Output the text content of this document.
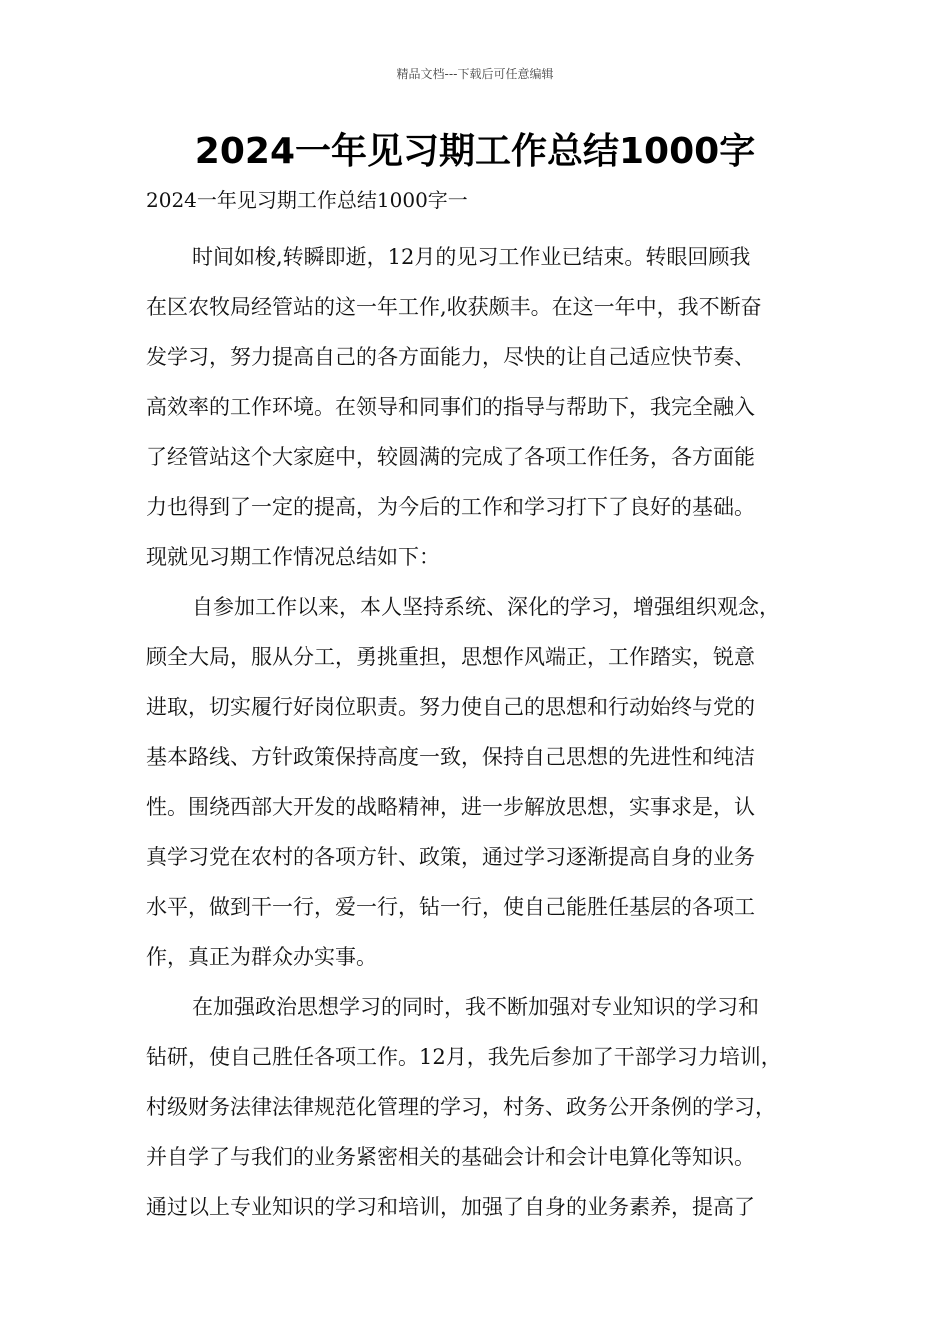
精品文档---下载后可任意编辑
2024一年见习期工作总结1000字
2024一年见习期工作总结1000字一
时间如梭,转瞬即逝，12月的见习工作业已结束。转眼回顾我
在区农牧局经管站的这一年工作,收获颇丰。在这一年中，我不断奋
发学习，努力提高自己的各方面能力，尽快的让自己适应快节奏、
高效率的工作环境。在领导和同事们的指导与帮助下，我完全融入
了经管站这个大家庭中，较圆满的完成了各项工作任务，各方面能
力也得到了一定的提高，为今后的工作和学习打下了良好的基础。
现就见习期工作情况总结如下：
自参加工作以来，本人坚持系统、深化的学习，增强组织观念，
顾全大局，服从分工，勇挑重担，思想作风端正，工作踏实，锐意
进取，切实履行好岗位职责。努力使自己的思想和行动始终与党的
基本路线、方针政策保持高度一致，保持自己思想的先进性和纯洁
性。围绕西部大开发的战略精神，进一步解放思想，实事求是，认
真学习党在农村的各项方针、政策，通过学习逐渐提高自身的业务
水平，做到干一行，爱一行，钻一行，使自己能胜任基层的各项工
作，真正为群众办实事。
在加强政治思想学习的同时，我不断加强对专业知识的学习和
钻研，使自己胜任各项工作。12月，我先后参加了干部学习力培训，
村级财务法律法律规范化管理的学习，村务、政务公开条例的学习，
并自学了与我们的业务紧密相关的基础会计和会计电算化等知识。
通过以上专业知识的学习和培训，加强了自身的业务素养，提高了
